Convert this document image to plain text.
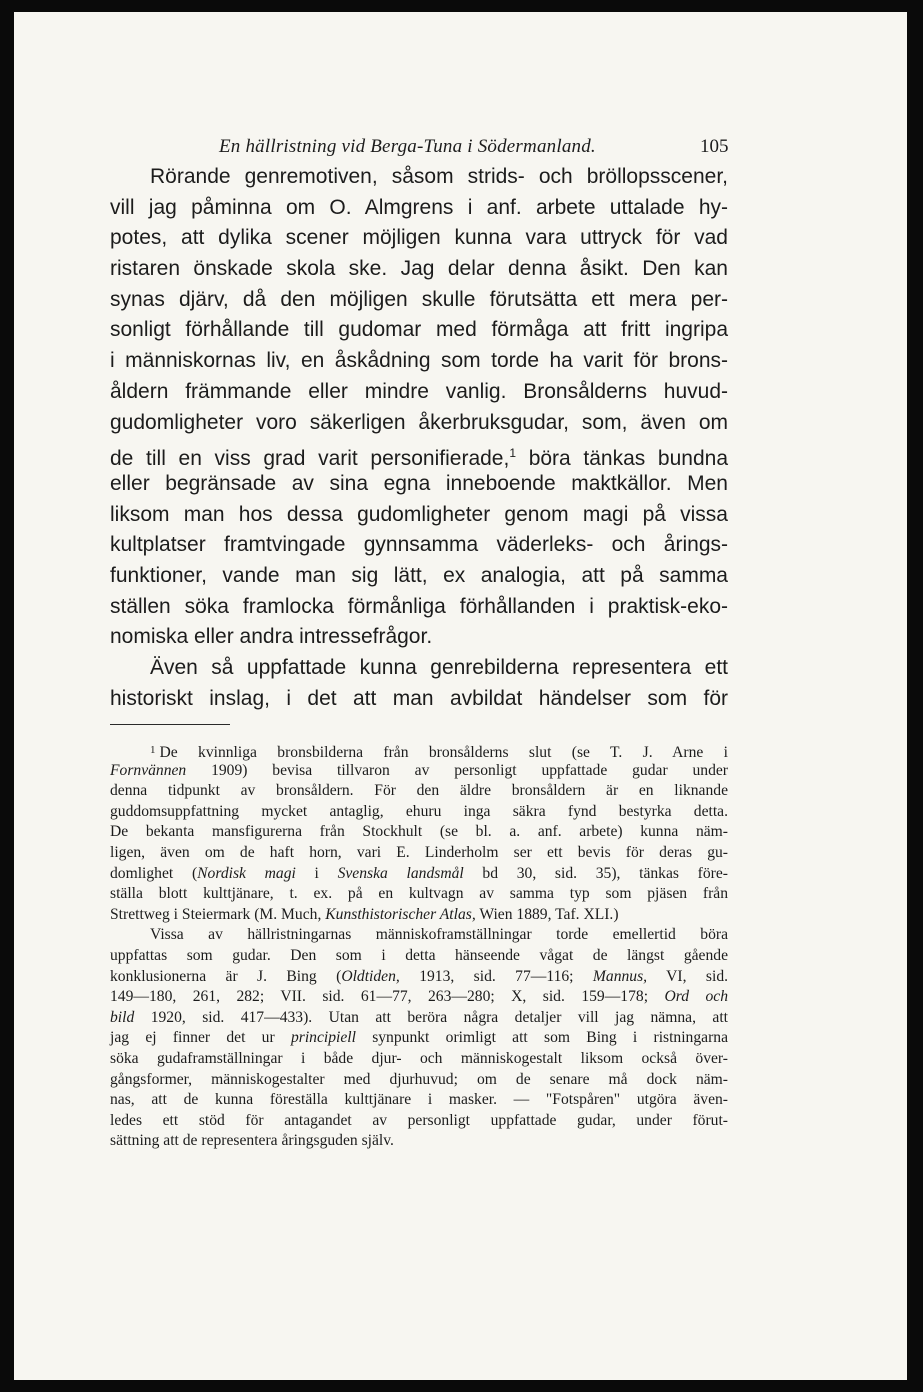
En hällristning vid Berga-Tuna i Södermanland.	105
Rörande genremotiven, såsom strids- och bröllopsscener,
vill jag påminna om O. Almgrens i anf. arbete uttalade hy-
potes, att dylika scener möjligen kunna vara uttryck för vad
ristaren önskade skola ske. Jag delar denna åsikt. Den kan
synas djärv, då den möjligen skulle förutsätta ett mera per-
sonligt förhållande till gudomar med förmåga att fritt ingripa
i människornas liv, en åskådning som torde ha varit för brons-
åldern främmande eller mindre vanlig. Bronsålderns huvud-
gudomligheter voro säkerligen åkerbruksgudar, som, även om
de till en viss grad varit personifierade,$^1$ böra tänkas bundna
eller begränsade av sina egna inneboende maktkällor. Men
liksom man hos dessa gudomligheter genom magi på vissa
kultplatser framtvingade gynnsamma väderleks- och årings-
funktioner, vande man sig lätt, ex analogia, att på samma
ställen söka framlocka förmånliga förhållanden i praktisk-eko-
nomiska eller andra intressefrågor.
Även så uppfattade kunna genrebilderna representera ett
historiskt inslag, i det att man avbildat händelser som för
$^1$ De kvinnliga bronsbilderna från bronsålderns slut (se T. J. Arne i
Fornvännen 1909) bevisa tillvaron av personligt uppfattade gudar under
denna tidpunkt av bronsåldern. För den äldre bronsåldern är en liknande
guddomsuppfattning mycket antaglig, ehuru inga säkra fynd bestyrka detta.
De bekanta mansfigurerna från Stockhult (se bl. a. anf. arbete) kunna näm-
ligen, även om de haft horn, vari E. Linderholm ser ett bevis för deras gu-
domlighet (Nordisk magi i Svenska landsmål bd 30, sid. 35), tänkas före-
ställa blott kulttjänare, t. ex. på en kultvagn av samma typ som pjäsen från
Strettweg i Steiermark (M. Much, Kunsthistorischer Atlas, Wien 1889, Taf. XLI.)
Vissa av hällristningarnas människoframställningar torde emellertid böra
uppfattas som gudar. Den som i detta hänseende vågat de längst gående
konklusionerna är J. Bing (Oldtiden, 1913, sid. 77—116; Mannus, VI, sid.
149—180, 261, 282; VII. sid. 61—77, 263—280; X, sid. 159—178; Ord och
bild 1920, sid. 417—433). Utan att beröra några detaljer vill jag nämna, att
jag ej finner det ur principiell synpunkt orimligt att som Bing i ristningarna
söka gudaframställningar i både djur- och människogestalt liksom också över-
gångsformer, människogestalter med djurhuvud; om de senare må dock näm-
nas, att de kunna föreställa kulttjänare i masker. — "Fotspåren" utgöra även-
ledes ett stöd för antagandet av personligt uppfattade gudar, under förut-
sättning att de representera åringsguden själv.
